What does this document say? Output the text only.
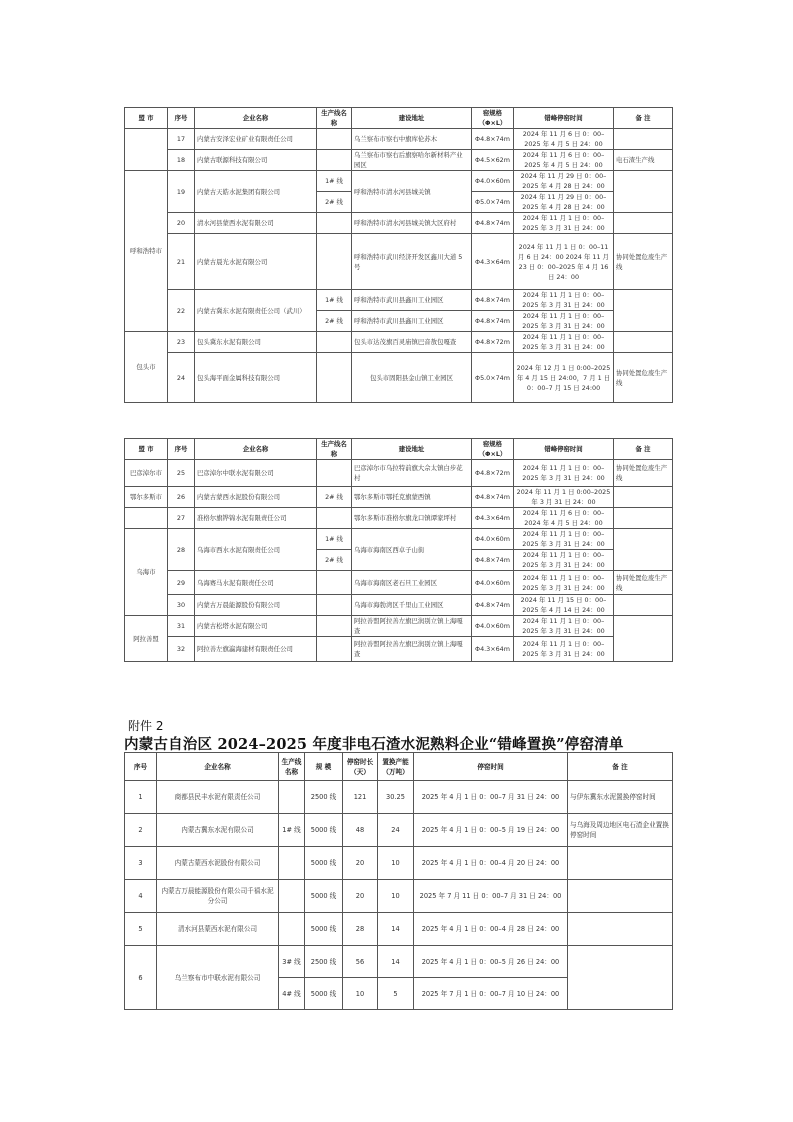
盟 市	序号	企业名称	生产线名 称	建设地址	窑规格（Φ×L）	错峰停窑时间	备 注
	17	内蒙古安泽宏业矿业有限责任公司		乌兰察布市察右中旗库伦苏木	Φ4.8×74m	2024 年 11 月 6 日 0：00–2025 年 4 月 5 日 24：00	
	18	内蒙古联源科技有限公司		乌兰察布市察右后旗察哈尔新材料产业园区	Φ4.5×62m	2024 年 11 月 6 日 0：00–2025 年 4 月 5 日 24：00	电石渣生产线
呼和浩特市	19	内蒙古天皓水泥集团有限公司	1# 线	呼和浩特市清水河县城关镇	Φ4.0×60m	2024 年 11 月 29 日 0：00–2025 年 4 月 28 日 24：00	
			2# 线		Φ5.0×74m	2024 年 11 月 29 日 0：00–2025 年 4 月 28 日 24：00	
	20	清水河县蒙西水泥有限公司		呼和浩特市清水河县城关镇大区府村	Φ4.8×74m	2024 年 11 月 1 日 0：00–2025 年 3 月 31 日 24：00	
	21	内蒙古晨光水泥有限公司		呼和浩特市武川经济开发区鑫川大道 5 号	Φ4.3×64m	2024 年 11 月 1 日 0：00–11 月 6 日 24：00 2024 年 11 月 23 日 0：00–2025 年 4 月 16 日 24：00	协同处置危废生产线

	22	内蒙古冀东水泥有限责任公司（武川）	1# 线	呼和浩特市武川县鑫川工业园区	Φ4.8×74m	2024 年 11 月 1 日 0：00–2025 年 3 月 31 日 24：00	
			2# 线	呼和浩特市武川县鑫川工业园区	Φ4.8×74m	2024 年 11 月 1 日 0：00–2025 年 3 月 31 日 24：00	
包头市	23	包头冀东水泥有限公司		包头市达茂旗百灵庙镇巴音敖包嘎查	Φ4.8×72m	2024 年 11 月 1 日 0：00–2025 年 3 月 31 日 24：00	
	24	包头海平面金属科技有限公司		包头市固阳县金山镇工业园区	Φ5.0×74m	2024 年 12 月 1 日 0:00–2025 年 4 月 15 日 24:00，7 月 1 日 0：00–7 月 15 日 24:00	协同处置危废生产线
盟 市	序号	企业名称	生产线名 称	建设地址	窑规格（Φ×L）	错峰停窑时间	备 注
巴彦淖尔市	25	巴彦淖尔中联水泥有限公司		巴彦淖尔市乌拉特前旗大佘太镇白步花村	Φ4.8×72m	2024 年 11 月 1 日 0：00–2025 年 3 月 31 日 24：00	协同处置危废生产线
鄂尔多斯市	26	内蒙古蒙西水泥股份有限公司	2# 线	鄂尔多斯市鄂托克旗蒙西镇	Φ4.8×74m	2024 年 11 月 1 日 0:00–2025 年 3 月 31 日 24：00	
	27	准格尔旗铧锦水泥有限责任公司		鄂尔多斯市准格尔旗龙口镇谭家坪村	Φ4.3×64m	2024 年 11 月 6 日 0：00–2024 年 4 月 5 日 24：00	
乌海市	28	乌海市西水水泥有限责任公司	1# 线	乌海市海南区西卓子山街	Φ4.0×60m	2024 年 11 月 1 日 0：00–2025 年 3 月 31 日 24：00	
			2# 线		Φ4.8×74m	2024 年 11 月 1 日 0：00–2025 年 3 月 31 日 24：00	
	29	乌海赛马水泥有限责任公司		乌海市海南区老石旦工业园区	Φ4.0×60m	2024 年 11 月 1 日 0：00–2025 年 3 月 31 日 24：00	协同处置危废生产线
	30	内蒙古万晨能源股份有限公司		乌海市海勃湾区千里山工业园区	Φ4.8×74m	2024 年 11 月 15 日 0：00–2025 年 4 月 14 日 24：00	
阿拉善盟	31	内蒙古松塔水泥有限公司		阿拉善盟阿拉善左旗巴润别立镇上海嘎查	Φ4.0×60m	2024 年 11 月 1 日 0：00–2025 年 3 月 31 日 24：00	
	32	阿拉善左旗瀛海建材有限责任公司		阿拉善盟阿拉善左旗巴润别立镇上海嘎查	Φ4.3×64m	2024 年 11 月 1 日 0：00–2025 年 3 月 31 日 24：00	
附件 2
内蒙古自治区 2024–2025 年度非电石渣水泥熟料企业“错峰置换”停窑清单
序号	企业名称	生产线名称	规 模	停窑时长（天）	置换产能（万吨）	停窑时间	备 注
1	商都县民丰水泥有限责任公司		2500 线	121	30.25	2025 年 4 月 1 日 0：00–7 月 31 日 24：00	与伊东冀东水泥置换停窑时间
2	内蒙古冀东水泥有限公司	1# 线	5000 线	48	24	2025 年 4 月 1 日 0：00–5 月 19 日 24：00	与乌海及周边地区电石渣企业置换停窑时间
3	内蒙古蒙西水泥股份有限公司		5000 线	20	10	2025 年 4 月 1 日 0：00–4 月 20 日 24：00	
4	内蒙古万晨能源股份有限公司千禧水泥分公司		5000 线	20	10	2025 年 7 月 11 日 0：00–7 月 31 日 24：00	
5	清水河县蒙西水泥有限公司		5000 线	28	14	2025 年 4 月 1 日 0：00–4 月 28 日 24：00	
6	乌兰察布市中联水泥有限公司	3# 线	2500 线	56	14	2025 年 4 月 1 日 0：00–5 月 26 日 24：00	
		4# 线	5000 线	10	5	2025 年 7 月 1 日 0：00–7 月 10 日 24：00	
